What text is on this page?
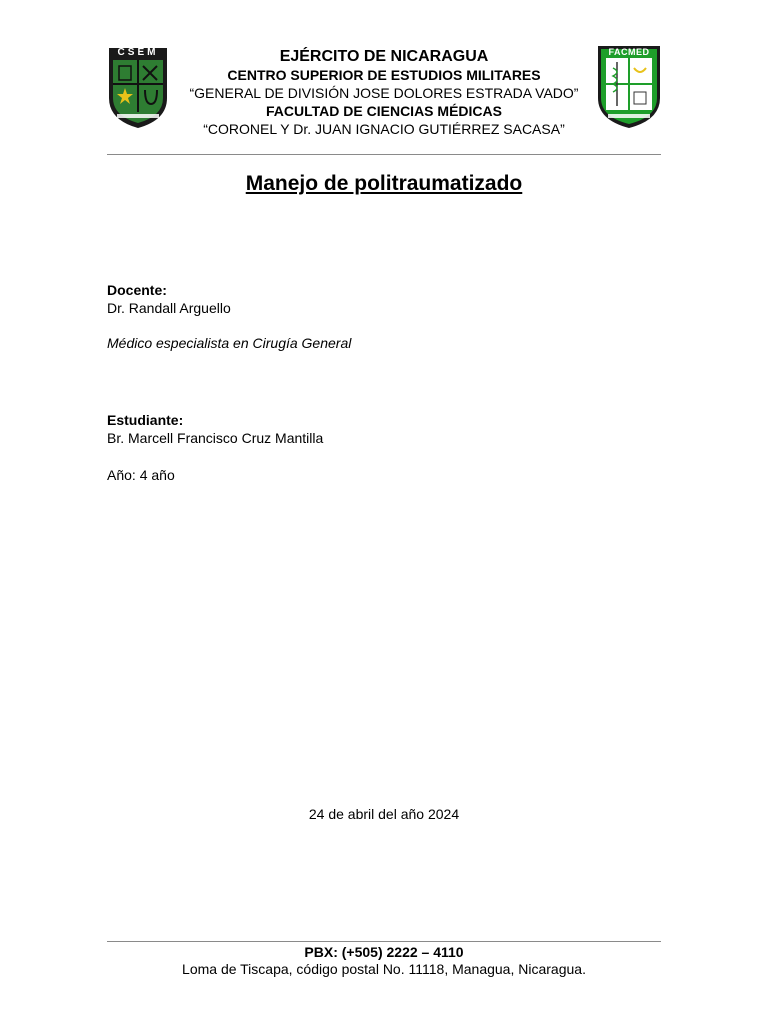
CSEM	FACMED
EJÉRCITO DE NICARAGUA
CENTRO SUPERIOR DE ESTUDIOS MILITARES
“GENERAL DE DIVISIÓN JOSE DOLORES ESTRADA VADO”
FACULTAD DE CIENCIAS MÉDICAS
“CORONEL Y Dr. JUAN IGNACIO GUTIÉRREZ SACASA”
Manejo de politraumatizado
Docente:
Dr. Randall Arguello
Médico especialista en Cirugía General
Estudiante:
Br. Marcell Francisco Cruz Mantilla
Año: 4 año
24 de abril del año 2024
PBX: (+505) 2222 – 4110
Loma de Tiscapa, código postal No. 11118, Managua, Nicaragua.
